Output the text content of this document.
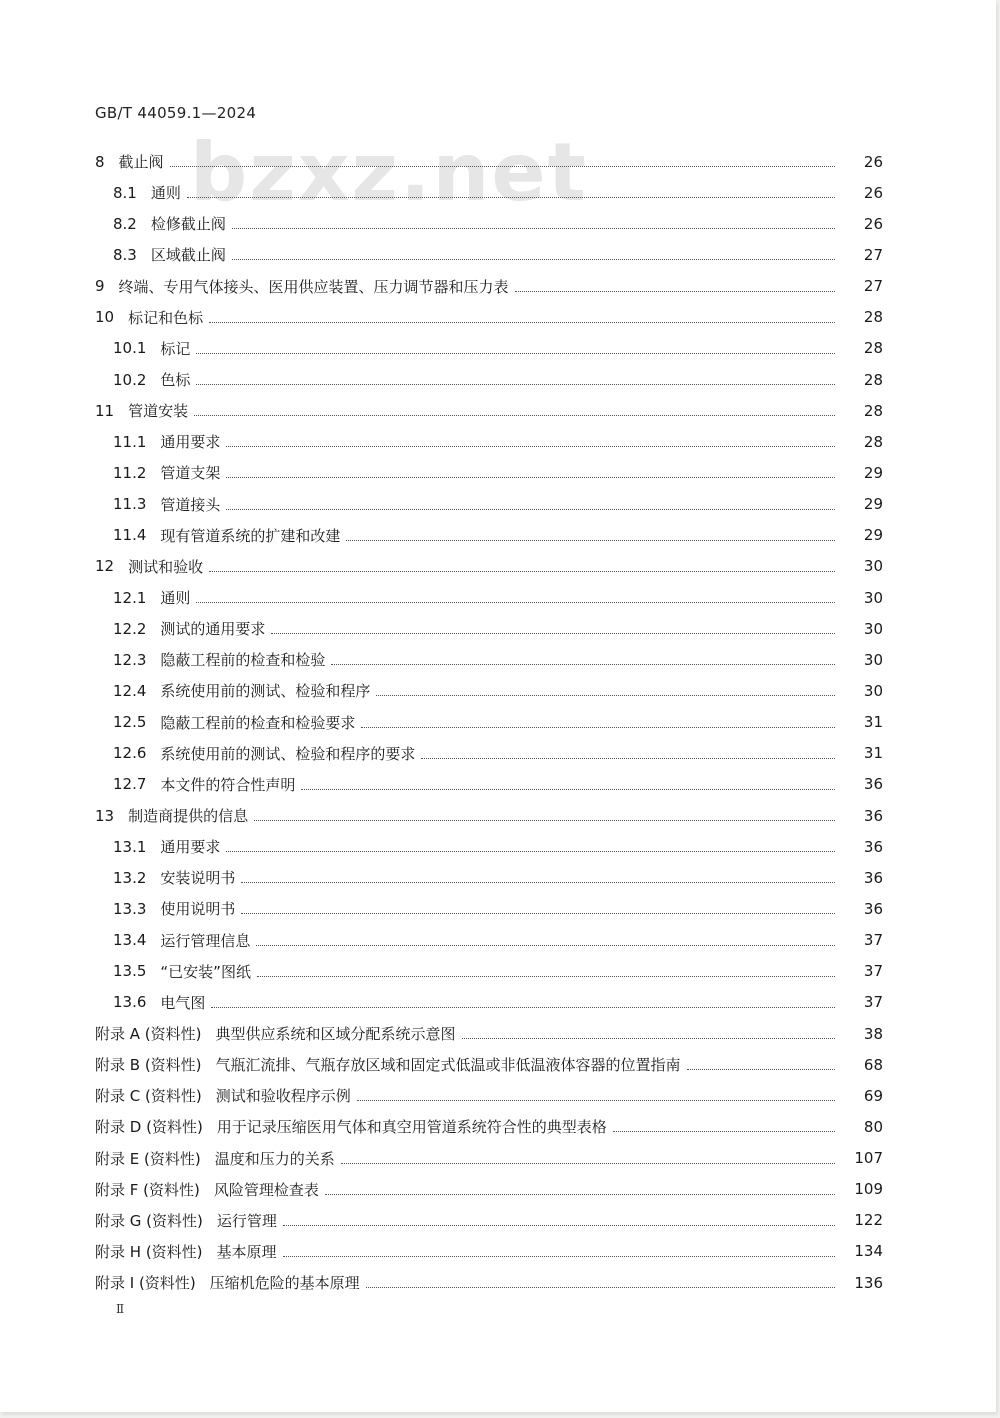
GB/T 44059.1—2024
bzxz.net
8 截止阀	26
8.1 通则	26
8.2 检修截止阀	26
8.3 区域截止阀	27
9 终端、专用气体接头、医用供应装置、压力调节器和压力表	27
10 标记和色标	28
10.1 标记	28
10.2 色标	28
11 管道安装	28
11.1 通用要求	28
11.2 管道支架	29
11.3 管道接头	29
11.4 现有管道系统的扩建和改建	29
12 测试和验收	30
12.1 通则	30
12.2 测试的通用要求	30
12.3 隐蔽工程前的检查和检验	30
12.4 系统使用前的测试、检验和程序	30
12.5 隐蔽工程前的检查和检验要求	31
12.6 系统使用前的测试、检验和程序的要求	31
12.7 本文件的符合性声明	36
13 制造商提供的信息	36
13.1 通用要求	36
13.2 安装说明书	36
13.3 使用说明书	36
13.4 运行管理信息	37
13.5 “已安装”图纸	37
13.6 电气图	37
附录 A (资料性) 典型供应系统和区域分配系统示意图	38
附录 B (资料性) 气瓶汇流排、气瓶存放区域和固定式低温或非低温液体容器的位置指南	68
附录 C (资料性) 测试和验收程序示例	69
附录 D (资料性) 用于记录压缩医用气体和真空用管道系统符合性的典型表格	80
附录 E (资料性) 温度和压力的关系	107
附录 F (资料性) 风险管理检查表	109
附录 G (资料性) 运行管理	122
附录 H (资料性) 基本原理	134
附录 I (资料性) 压缩机危险的基本原理	136
Ⅱ
